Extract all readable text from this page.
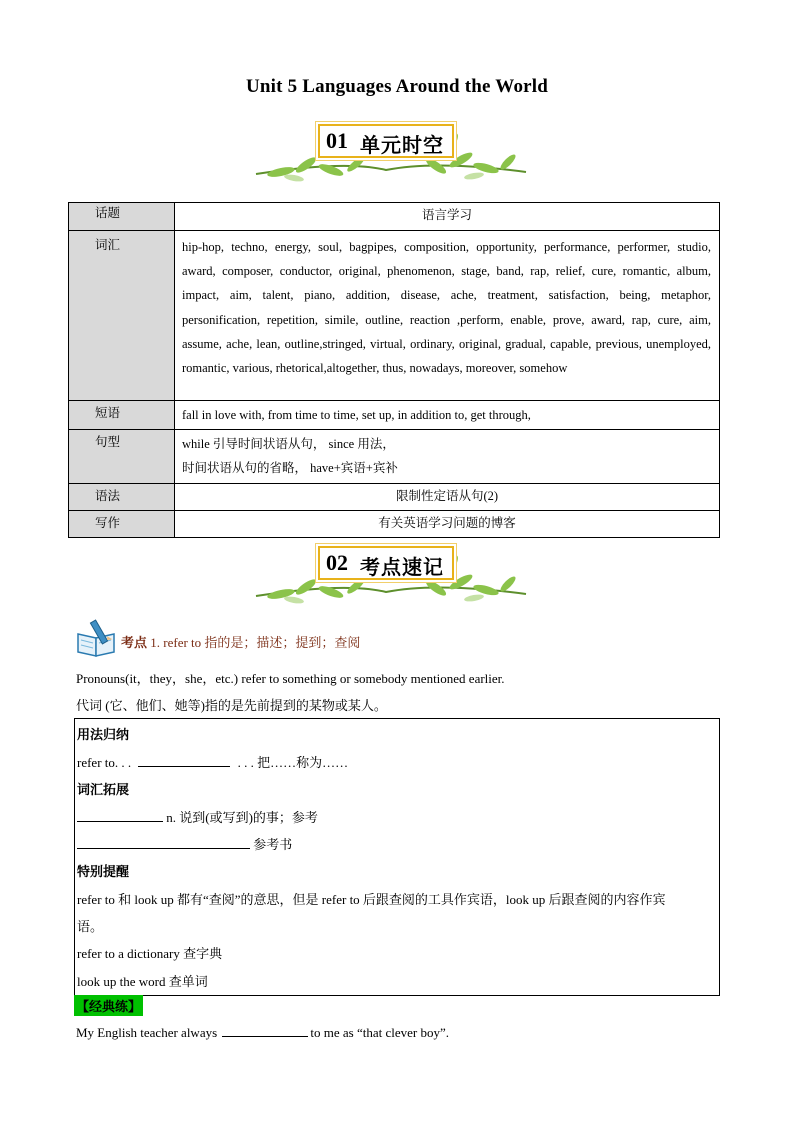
Unit 5 Languages Around the World
01 单元时空
话题	语言学习
词汇	hip-hop, techno, energy, soul, bagpipes, composition, opportunity, performance, performer, studio, award, composer, conductor, original, phenomenon, stage, band, rap, relief, cure, romantic, album, impact, aim, talent, piano, addition, disease, ache, treatment, satisfaction, being, metaphor, personification, repetition, simile, outline, reaction ,perform, enable, prove, award, rap, cure, aim, assume, ache, lean, outline,stringed, virtual, ordinary, original, gradual, capable, previous, unemployed, romantic, various, rhetorical,altogether, thus, nowadays, moreover, somehow
短语	fall in love with, from time to time, set up, in addition to, get through,
句型	while 引导时间状语从句， since 用法，
时间状语从句的省略， have+宾语+宾补

语法	限制性定语从句(2)
写作	有关英语学习问题的博客
02 考点速记
考点 1. refer to 指的是；描述；提到；查阅
Pronouns(it，they，she，etc.) refer to something or somebody mentioned earlier.
代词 (它、他们、她等)指的是先前提到的某物或某人。
用法归纳
refer to. . .	. . . 把……称为……
词汇拓展
n. 说到(或写到)的事；参考
参考书
特别提醒
refer to 和 look up 都有“查阅”的意思，但是 refer to 后跟查阅的工具作宾语，look up 后跟查阅的内容作宾
语。
refer to a dictionary 查字典
look up the word 查单词
【经典练】
My English teacher always	to me as “that clever boy”.
